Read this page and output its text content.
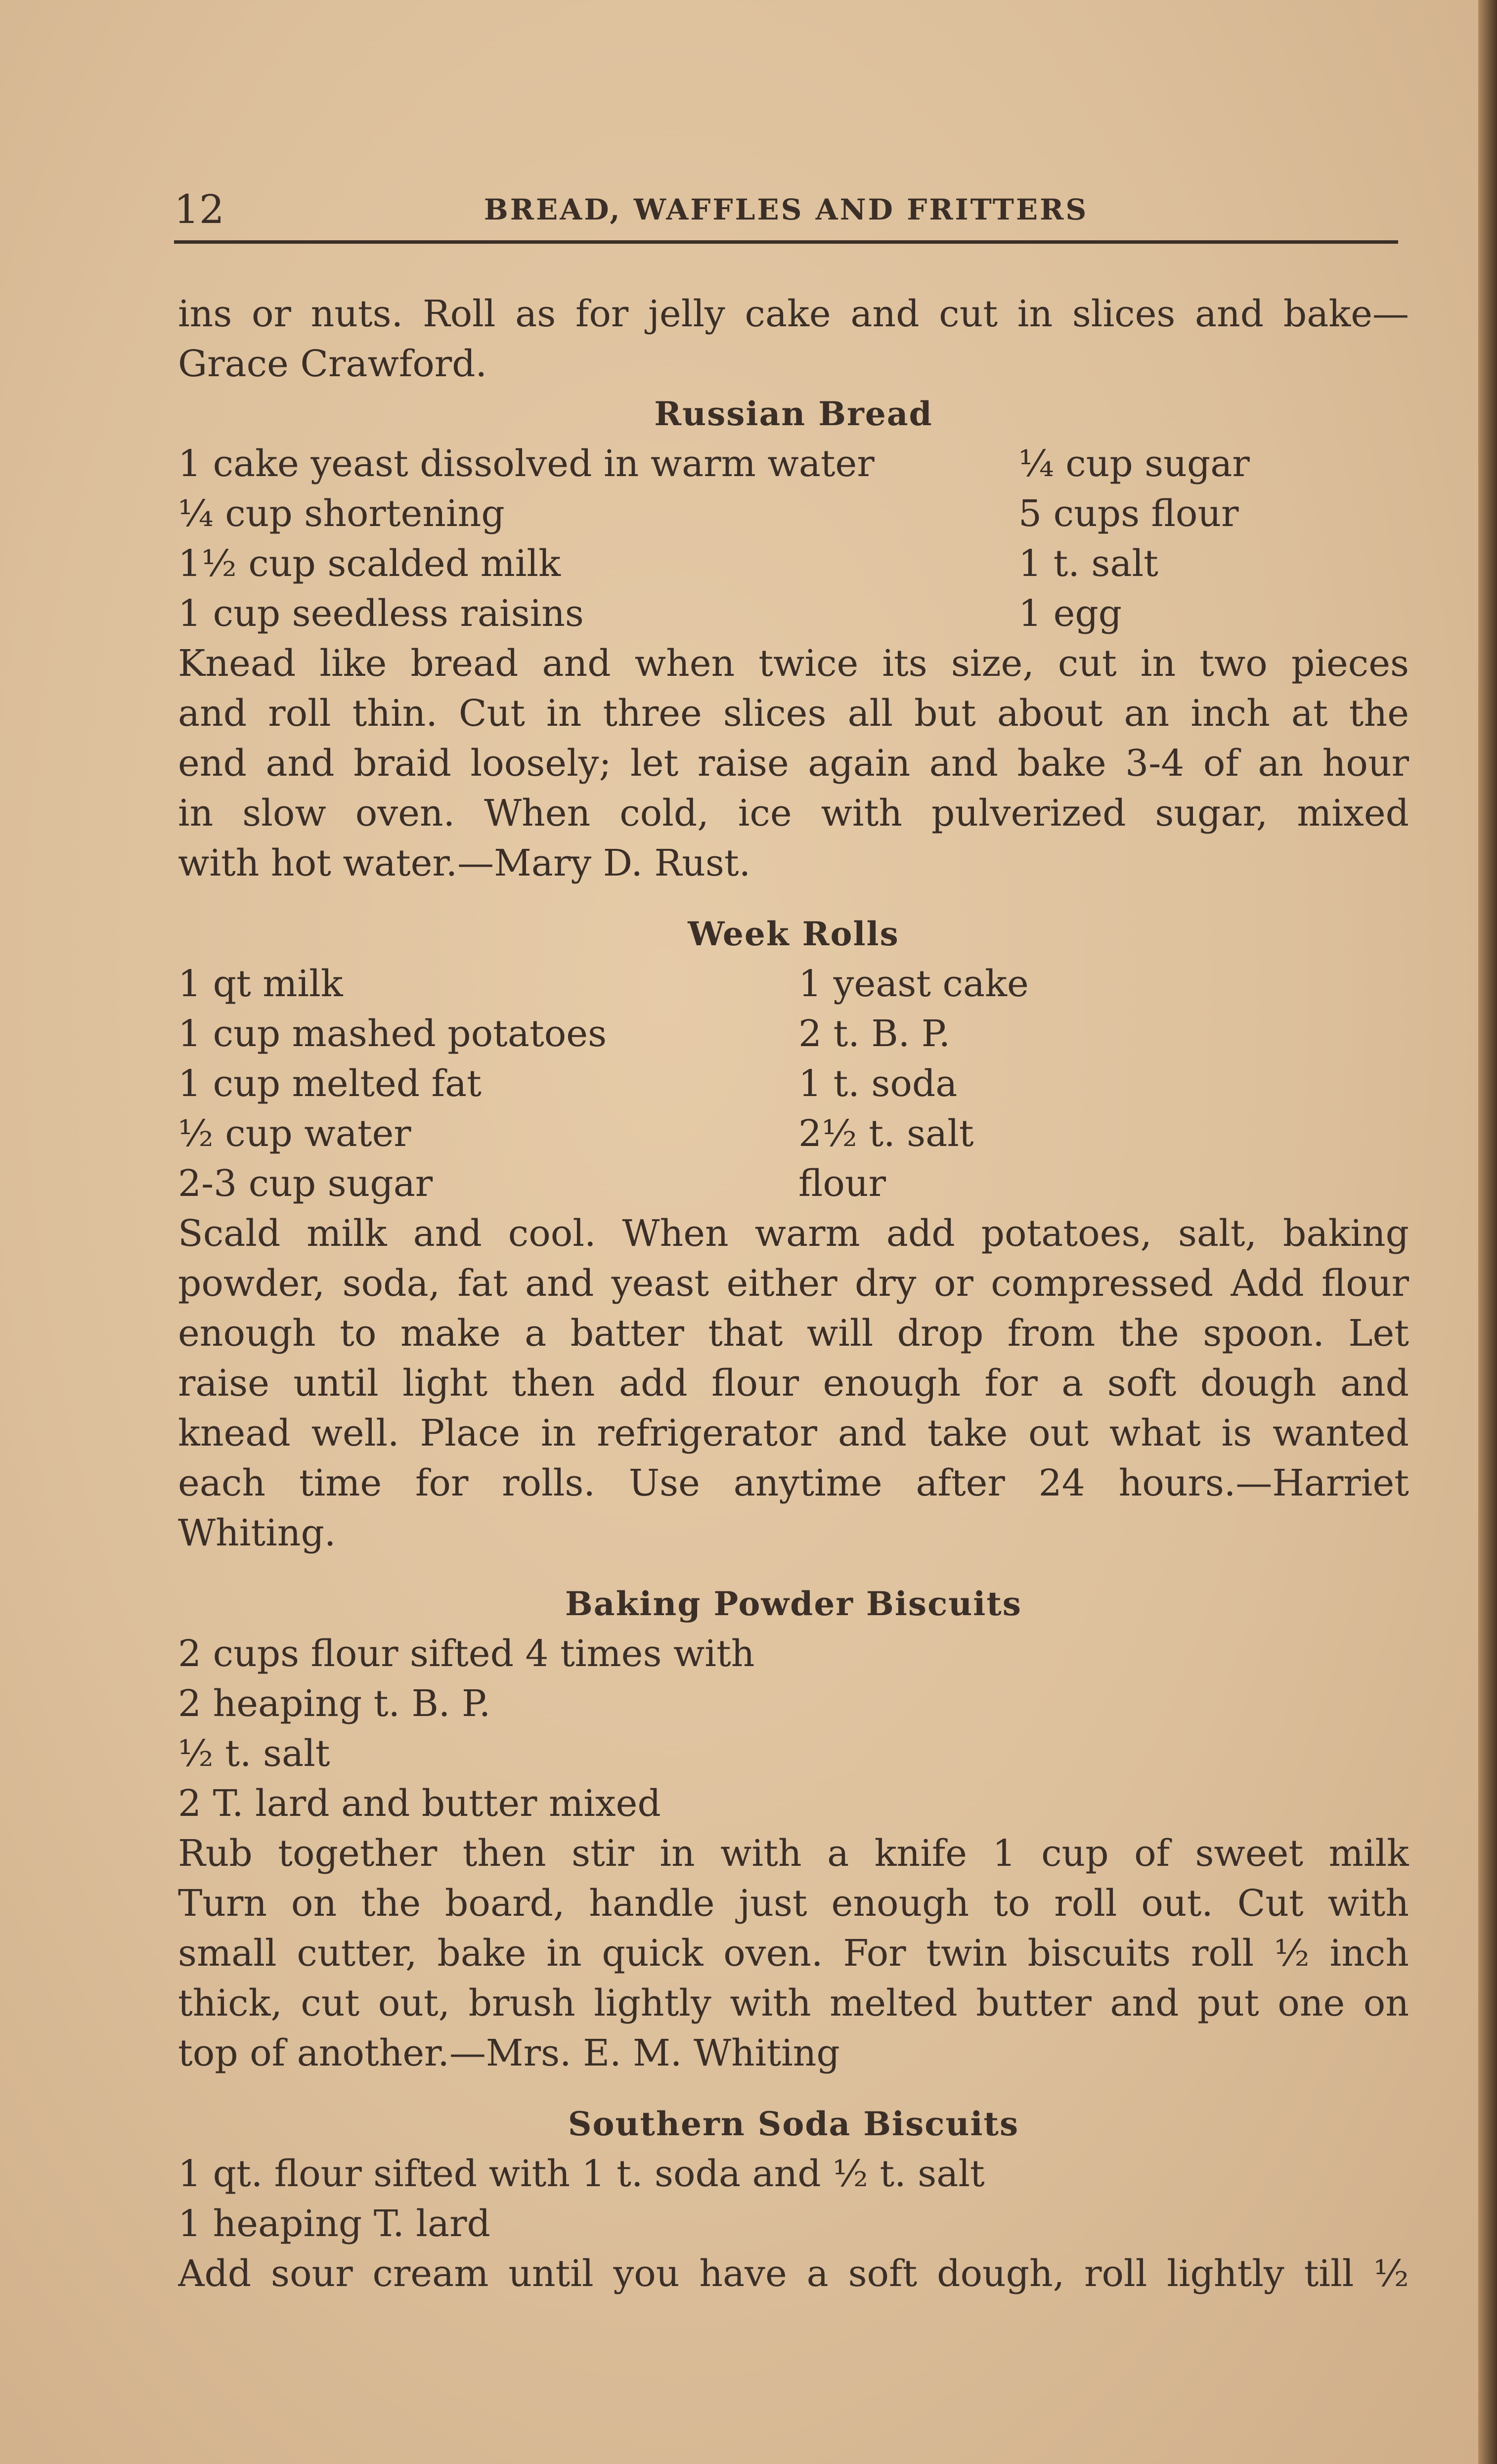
12	BREAD, WAFFLES AND FRITTERS
ins or nuts. Roll as for jelly cake and cut in slices and bake—
Grace Crawford.
Russian Bread
1 cake yeast dissolved in warm water	¼ cup sugar
¼ cup shortening	5 cups flour
1½ cup scalded milk	1 t. salt
1 cup seedless raisins	1 egg
Knead like bread and when twice its size, cut in two pieces
and roll thin. Cut in three slices all but about an inch at the
end and braid loosely; let raise again and bake 3-4 of an hour
in slow oven. When cold, ice with pulverized sugar, mixed
with hot water.—Mary D. Rust.
Week Rolls
1 qt milk	1 yeast cake
1 cup mashed potatoes	2 t. B. P.
1 cup melted fat	1 t. soda
½ cup water	2½ t. salt
2-3 cup sugar	flour
Scald milk and cool. When warm add potatoes, salt, baking
powder, soda, fat and yeast either dry or compressed Add flour
enough to make a batter that will drop from the spoon. Let
raise until light then add flour enough for a soft dough and
knead well. Place in refrigerator and take out what is wanted
each time for rolls. Use anytime after 24 hours.—Harriet
Whiting.
Baking Powder Biscuits
2 cups flour sifted 4 times with
2 heaping t. B. P.
½ t. salt
2 T. lard and butter mixed
Rub together then stir in with a knife 1 cup of sweet milk
Turn on the board, handle just enough to roll out. Cut with
small cutter, bake in quick oven. For twin biscuits roll ½ inch
thick, cut out, brush lightly with melted butter and put one on
top of another.—Mrs. E. M. Whiting
Southern Soda Biscuits
1 qt. flour sifted with 1 t. soda and ½ t. salt
1 heaping T. lard
Add sour cream until you have a soft dough, roll lightly till ½
